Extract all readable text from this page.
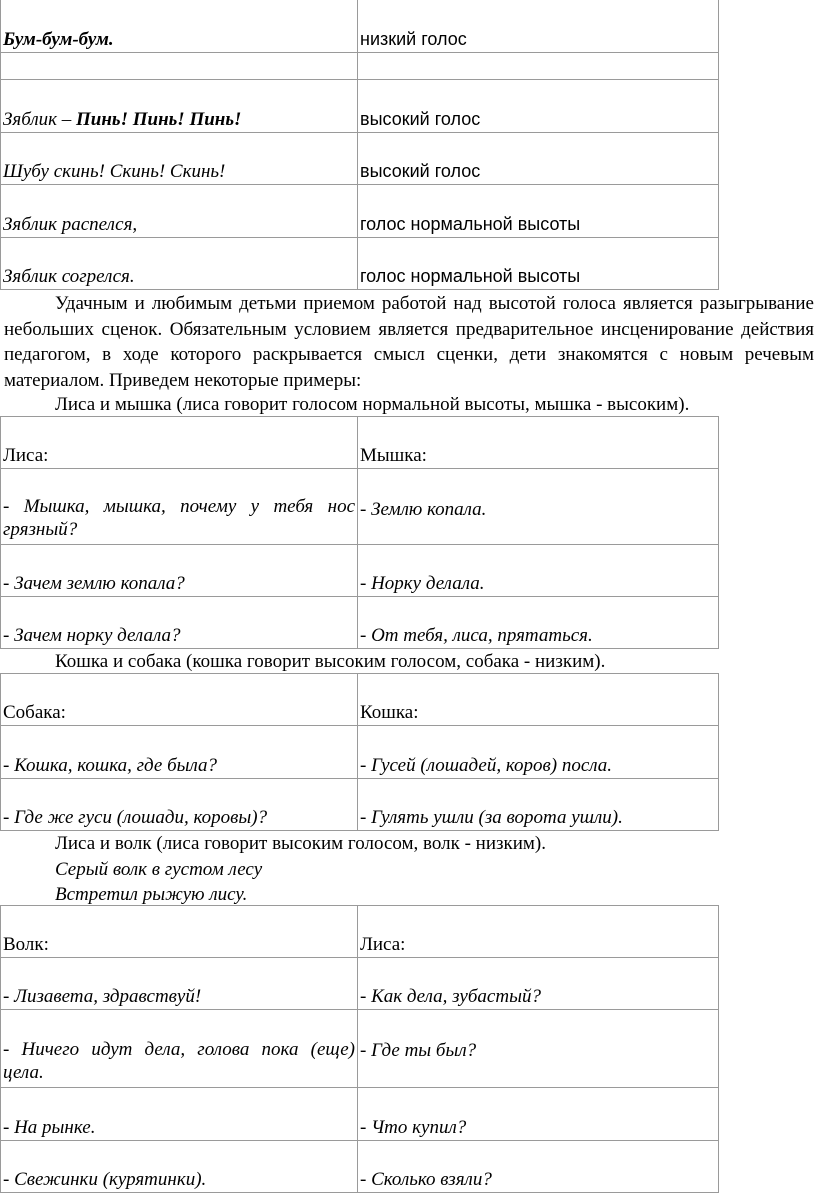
Бум-бум-бум.	низкий голос

Зяблик – Пинь! Пинь! Пинь!	высокий голос
Шубу скинь! Скинь! Скинь!	высокий голос
Зяблик распелся,	голос нормальной высоты
Зяблик согрелся.	голос нормальной высоты
Удачным и любимым детьми приемом работой над высотой голоса является разыгрывание небольших сценок. Обязательным условием является предварительное инсценирование действия педагогом, в ходе которого раскрывается смысл сценки, дети знакомятся с новым речевым материалом. Приведем некоторые примеры:
Лиса и мышка (лиса говорит голосом нормальной высоты, мышка - высоким).
Лиса:	Мышка:
- Мышка, мышка, почему у тебя нос грязный?	- Землю копала.
- Зачем землю копала?	- Норку делала.
- Зачем норку делала?	- От тебя, лиса, прятаться.
Кошка и собака (кошка говорит высоким голосом, собака - низким).
Собака:	Кошка:
- Кошка, кошка, где была?	- Гусей (лошадей, коров) посла.
- Где же гуси (лошади, коровы)?	- Гулять ушли (за ворота ушли).
Лиса и волк (лиса говорит высоким голосом, волк - низким).
Серый волк в густом лесу
Встретил рыжую лису.
Волк:	Лиса:
- Лизавета, здравствуй!	- Как дела, зубастый?
- Ничего идут дела, голова пока (еще) цела.	- Где ты был?
- На рынке.	- Что купил?
- Свежинки (курятинки).	- Сколько взяли?
